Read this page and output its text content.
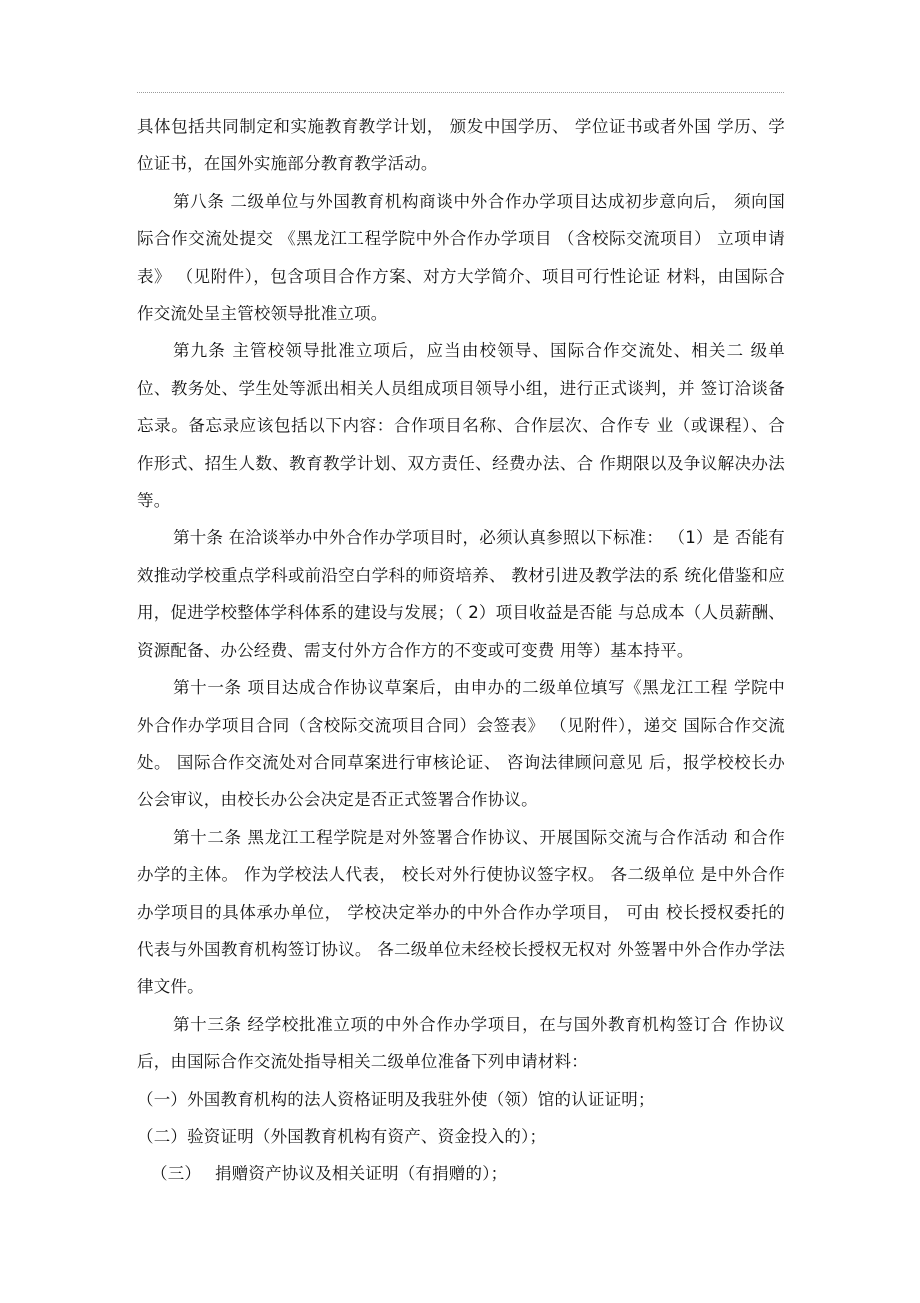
具体包括共同制定和实施教育教学计划， 颁发中国学历、 学位证书或者外国 学历、学位证书，在国外实施部分教育教学活动。

第八条 二级单位与外国教育机构商谈中外合作办学项目达成初步意向后， 须向国际合作交流处提交 《黑龙江工程学院中外合作办学项目 （含校际交流项目） 立项申请表》 （见附件），包含项目合作方案、对方大学简介、项目可行性论证 材料，由国际合作交流处呈主管校领导批准立项。

第九条 主管校领导批准立项后，应当由校领导、国际合作交流处、相关二 级单位、教务处、学生处等派出相关人员组成项目领导小组，进行正式谈判，并 签订洽谈备忘录。备忘录应该包括以下内容：合作项目名称、合作层次、合作专 业（或课程）、合作形式、招生人数、教育教学计划、双方责任、经费办法、合 作期限以及争议解决办法等。

第十条 在洽谈举办中外合作办学项目时，必须认真参照以下标准： （1）是 否能有效推动学校重点学科或前沿空白学科的师资培养、 教材引进及教学法的系 统化借鉴和应用，促进学校整体学科体系的建设与发展；（ 2）项目收益是否能 与总成本（人员薪酬、资源配备、办公经费、需支付外方合作方的不变或可变费 用等）基本持平。

第十一条 项目达成合作协议草案后，由申办的二级单位填写《黑龙江工程 学院中外合作办学项目合同（含校际交流项目合同）会签表》 （见附件），递交 国际合作交流处。 国际合作交流处对合同草案进行审核论证、 咨询法律顾问意见 后，报学校校长办公会审议，由校长办公会决定是否正式签署合作协议。

第十二条 黑龙江工程学院是对外签署合作协议、开展国际交流与合作活动 和合作办学的主体。 作为学校法人代表， 校长对外行使协议签字权。 各二级单位 是中外合作办学项目的具体承办单位， 学校决定举办的中外合作办学项目， 可由 校长授权委托的代表与外国教育机构签订协议。 各二级单位未经校长授权无权对 外签署中外合作办学法律文件。

第十三条 经学校批准立项的中外合作办学项目，在与国外教育机构签订合 作协议后，由国际合作交流处指导相关二级单位准备下列申请材料：

（一）外国教育机构的法人资格证明及我驻外使（领）馆的认证证明；

（二）验资证明（外国教育机构有资产、资金投入的）；

（三） 捐赠资产协议及相关证明（有捐赠的）；
